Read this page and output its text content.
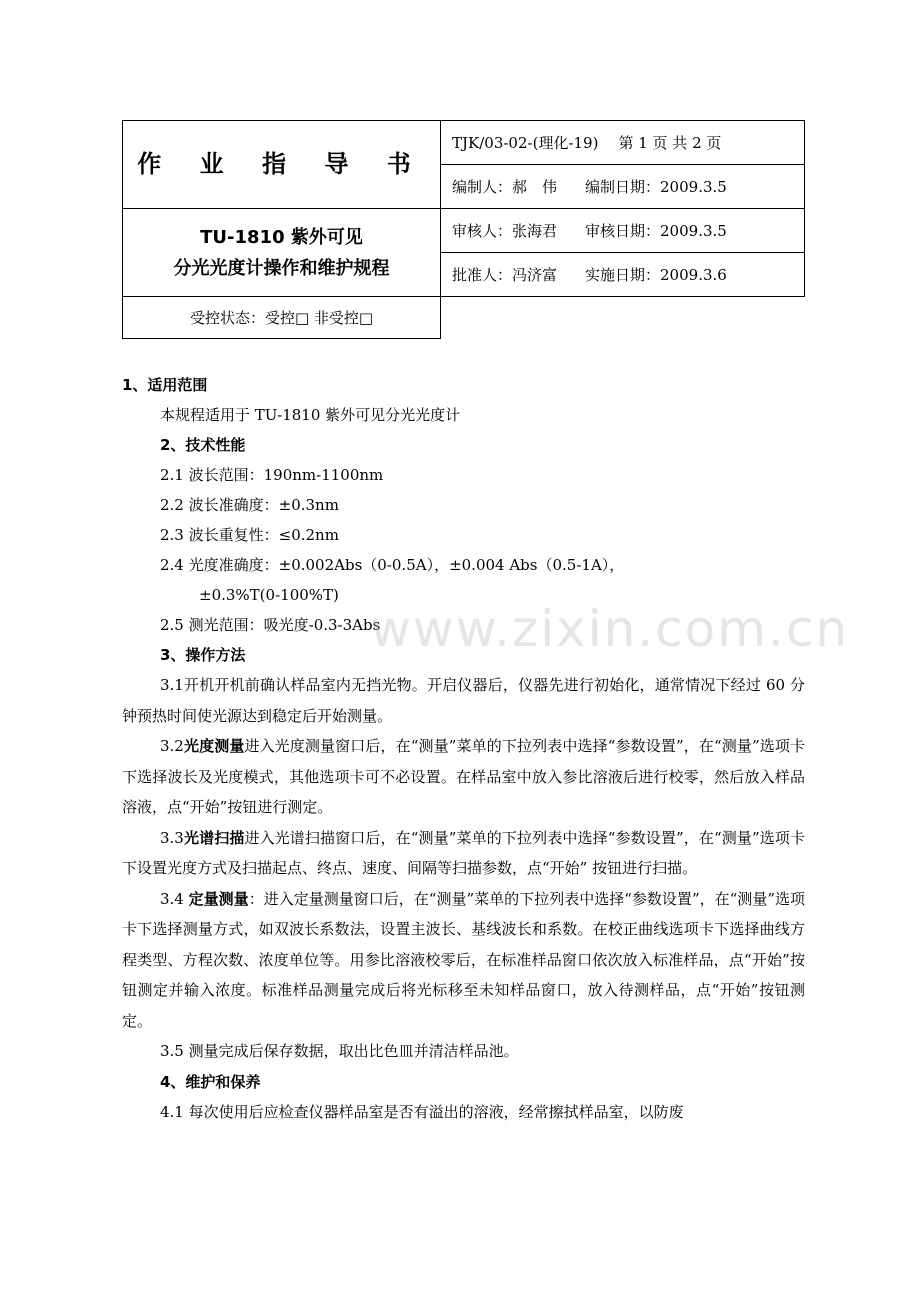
作 业 指 导 书	TJK/03-02-(理化-19) 第 1 页 共 2 页
	编制人：郝　伟 编制日期：2009.3.5

TU-1810 紫外可见
分光光度计操作和维护规程	审核人：张海君 审核日期：2009.3.5
	批准人：冯济富 实施日期：2009.3.6
受控状态：受控□ 非受控□	
1、适用范围
本规程适用于 TU-1810 紫外可见分光光度计
2、技术性能
2.1 波长范围：190nm-1100nm
2.2 波长准确度：±0.3nm
2.3 波长重复性：≤0.2nm
2.4 光度准确度：±0.002Abs（0-0.5A），±0.004 Abs（0.5-1A），
±0.3%T(0-100%T)
2.5 测光范围：吸光度-0.3-3Abs
3、操作方法

3.1开机开机前确认样品室内无挡光物。开启仪器后，仪器先进行初始化，通常情况下经过 60 分钟预热时间使光源达到稳定后开始测量。

3.2光度测量进入光度测量窗口后，在“测量”菜单的下拉列表中选择“参数设置”，在“测量”选项卡下选择波长及光度模式，其他选项卡可不必设置。在样品室中放入参比溶液后进行校零，然后放入样品溶液，点“开始”按钮进行测定。

3.3光谱扫描进入光谱扫描窗口后，在“测量”菜单的下拉列表中选择“参数设置”，在“测量”选项卡下设置光度方式及扫描起点、终点、速度、间隔等扫描参数，点“开始” 按钮进行扫描。

3.4 定量测量：进入定量测量窗口后，在“测量”菜单的下拉列表中选择“参数设置”，在“测量”选项卡下选择测量方式，如双波长系数法，设置主波长、基线波长和系数。在校正曲线选项卡下选择曲线方程类型、方程次数、浓度单位等。用参比溶液校零后，在标准样品窗口依次放入标准样品，点“开始”按钮测定并输入浓度。标准样品测量完成后将光标移至未知样品窗口，放入待测样品，点“开始”按钮测定。

3.5 测量完成后保存数据，取出比色皿并清洁样品池。

4、维护和保养

4.1 每次使用后应检查仪器样品室是否有溢出的溶液，经常擦拭样品室，以防废

www.zixin.com.cn
